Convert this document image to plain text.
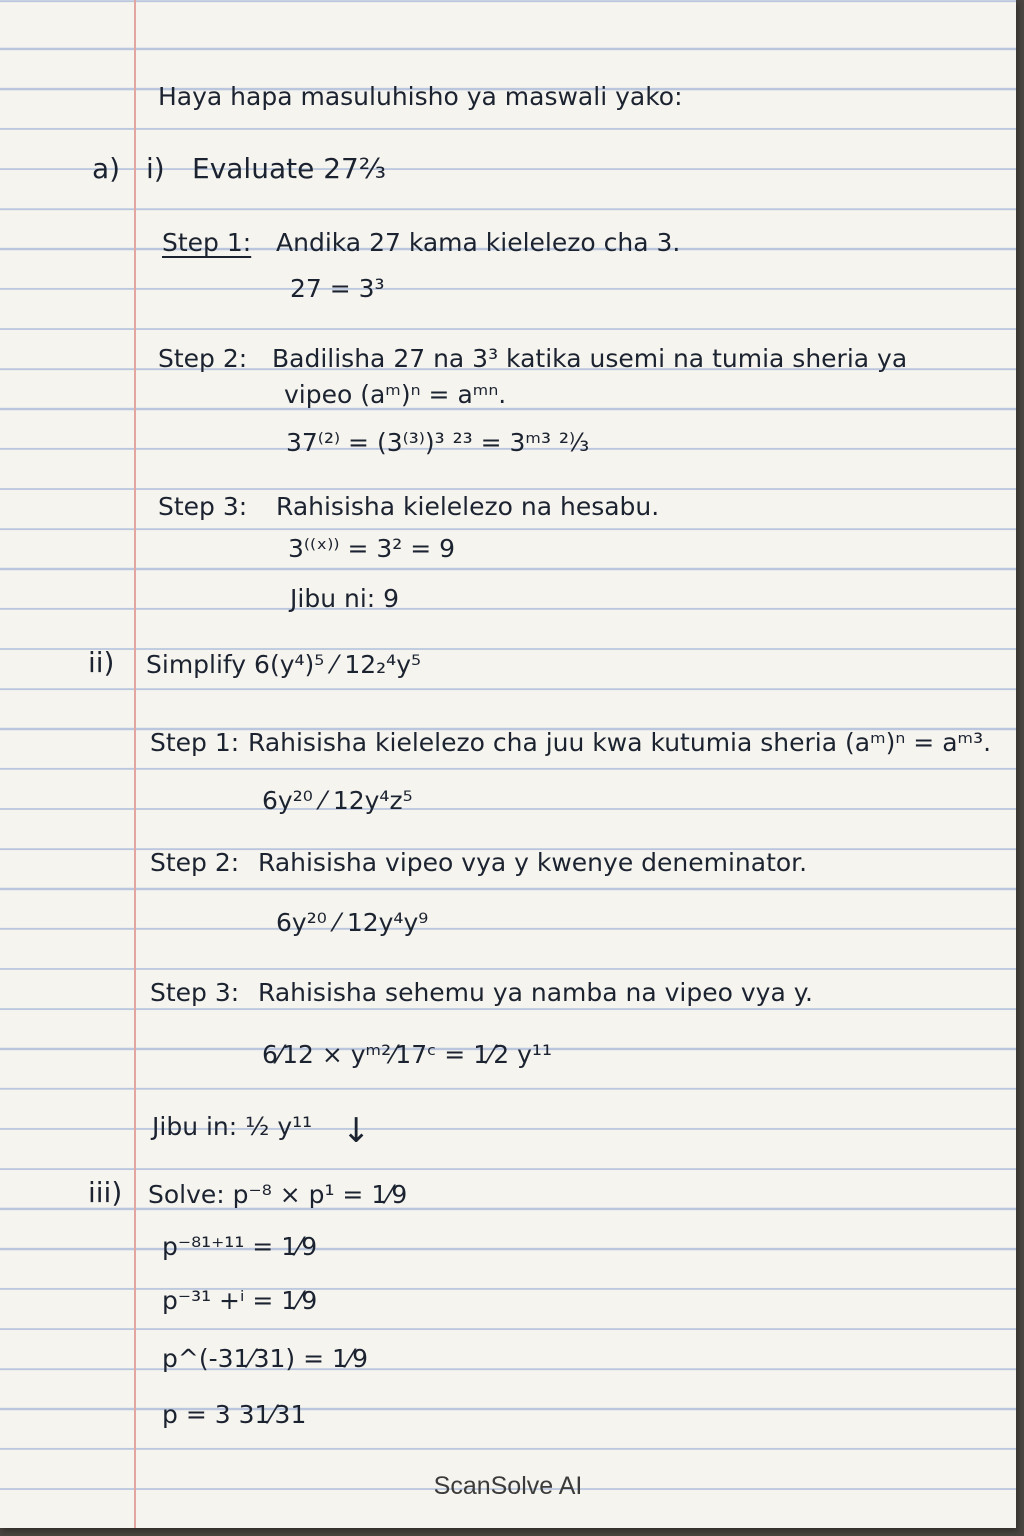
Haya hapa masuluhisho ya maswali yako:
a) i) Evaluate 27²⁄₃
Step 1: Andika 27 kama kielelezo cha 3.
27 = 3³
Step 2: Badilisha 27 na 3³ katika usemi na tumia sheria ya
vipeo (aᵐ)ⁿ = aᵐⁿ.
37⁽²⁾ = (3⁽³⁾)³ ²³ = 3ᵐ³ ²⁾⁄₃
Step 3: Rahisisha kielelezo na hesabu.
3⁽⁽ˣ⁾⁾ = 3² = 9
Jibu ni: 9
ii) Simplify 6(y⁴)⁵ ⁄ 12₂⁴y⁵
Step 1: Rahisisha kielelezo cha juu kwa kutumia sheria (aᵐ)ⁿ = aᵐ³.
6y²⁰ ⁄ 12y⁴z⁵
Step 2: Rahisisha vipeo vya y kwenye deneminator.
6y²⁰ ⁄ 12y⁴y⁹
Step 3: Rahisisha sehemu ya namba na vipeo vya y.
6⁄12 × yᵐ²⁄17ᶜ = 1⁄2 y¹¹
Jibu in: ½ y¹¹ ↓
iii) Solve: p⁻⁸ × p¹ = 1⁄9
p⁻⁸¹⁺¹¹ = 1⁄9
p⁻³¹ +ⁱ = 1⁄9
p^(-31⁄31) = 1⁄9
p = 3 31⁄31
ScanSolve AI
